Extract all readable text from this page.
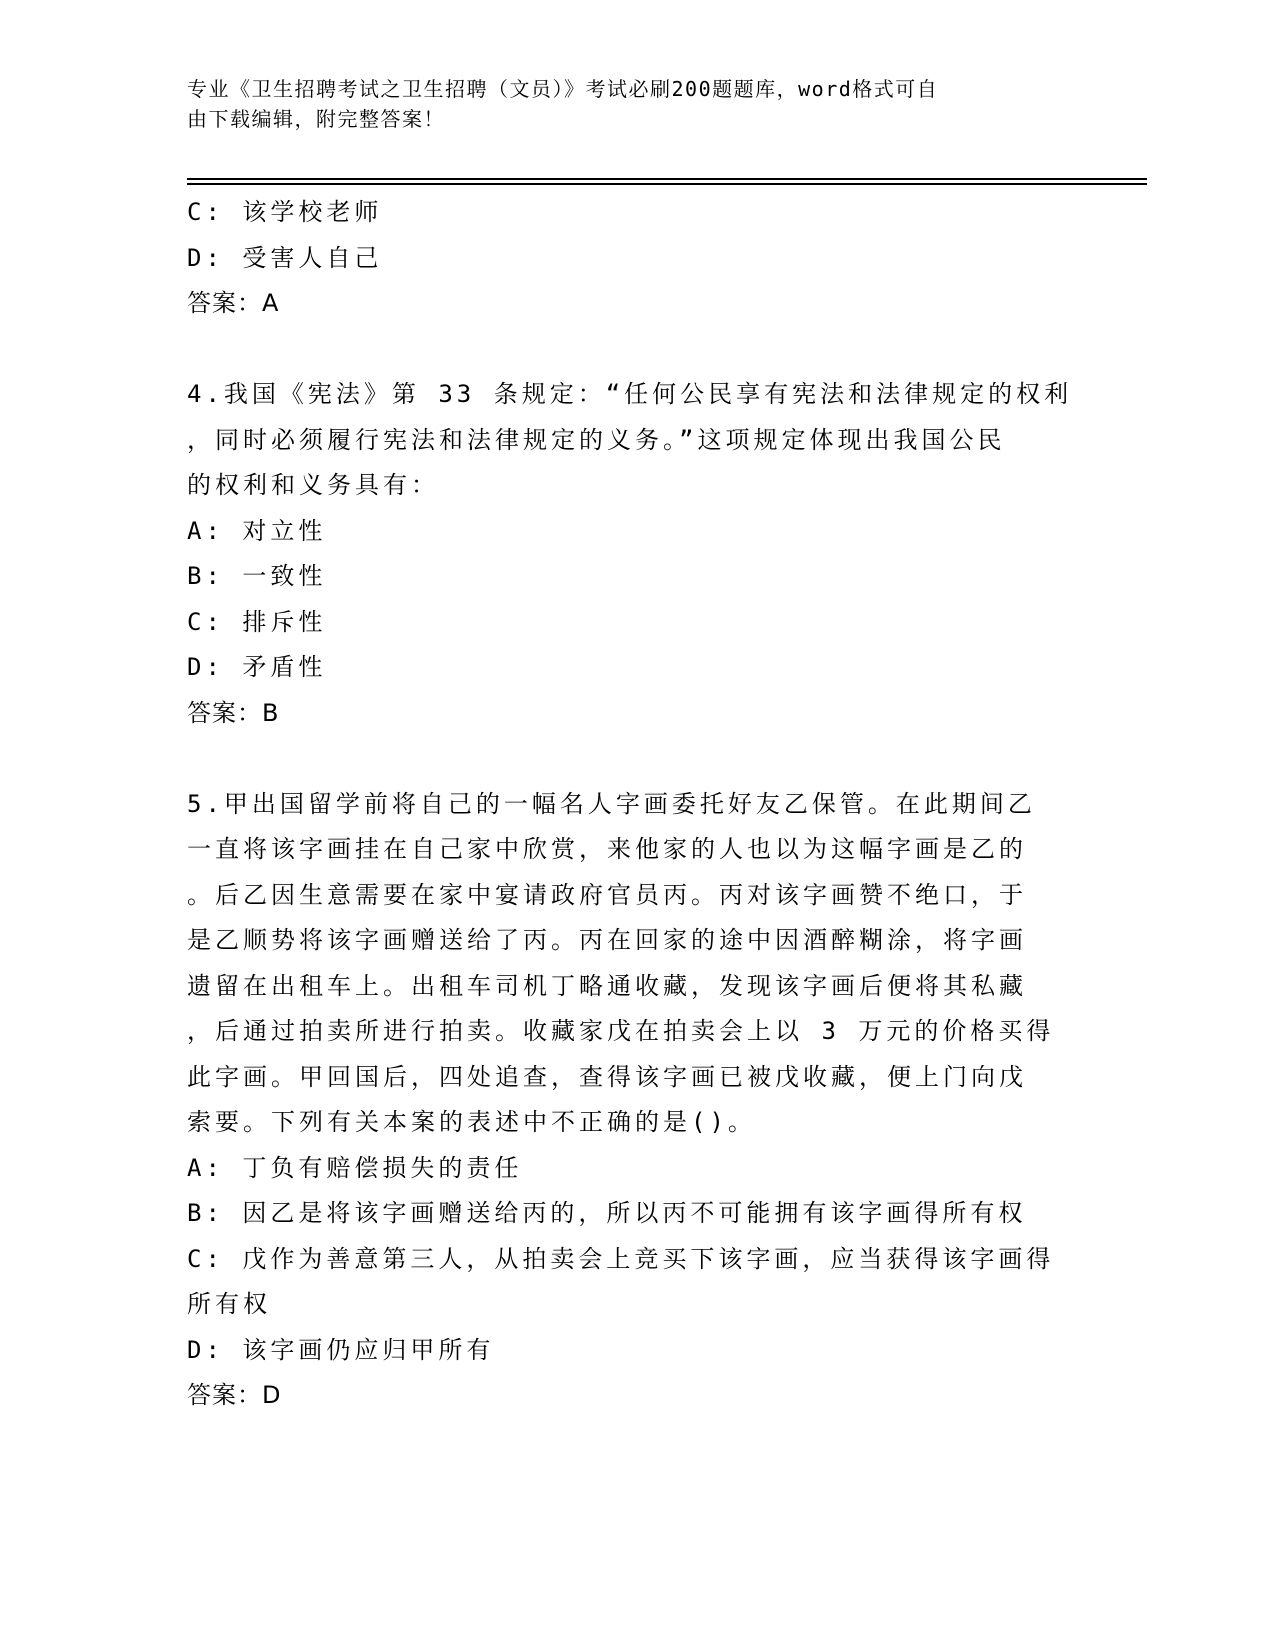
专业《卫生招聘考试之卫生招聘（文员）》考试必刷200题题库，word格式可自

由下载编辑，附完整答案！

C: 该学校老师

D: 受害人自己

答案：A

4.我国《宪法》第 33 条规定：“任何公民享有宪法和法律规定的权利

，同时必须履行宪法和法律规定的义务。”这项规定体现出我国公民

的权利和义务具有：

A: 对立性

B: 一致性

C: 排斥性

D: 矛盾性

答案：B

5.甲出国留学前将自己的一幅名人字画委托好友乙保管。在此期间乙

一直将该字画挂在自己家中欣赏，来他家的人也以为这幅字画是乙的

。后乙因生意需要在家中宴请政府官员丙。丙对该字画赞不绝口，于

是乙顺势将该字画赠送给了丙。丙在回家的途中因酒醉糊涂，将字画

遗留在出租车上。出租车司机丁略通收藏，发现该字画后便将其私藏

，后通过拍卖所进行拍卖。收藏家戊在拍卖会上以 3 万元的价格买得

此字画。甲回国后，四处追查，查得该字画已被戊收藏，便上门向戊

索要。下列有关本案的表述中不正确的是()。

A: 丁负有赔偿损失的责任

B: 因乙是将该字画赠送给丙的，所以丙不可能拥有该字画得所有权

C: 戊作为善意第三人，从拍卖会上竞买下该字画，应当获得该字画得

所有权

D: 该字画仍应归甲所有

答案：D
